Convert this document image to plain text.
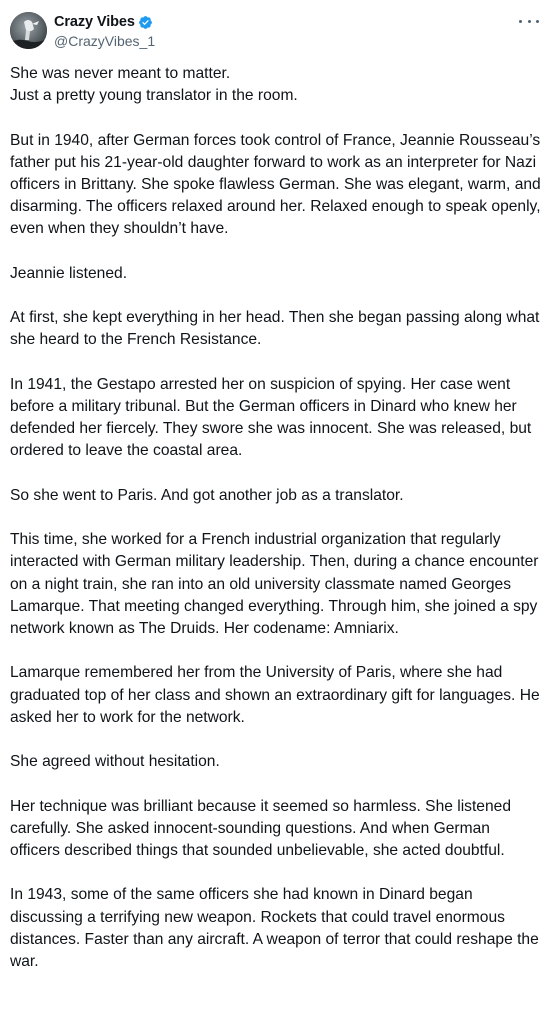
Crazy Vibes
@CrazyVibes_1

She was never meant to matter.
Just a pretty young translator in the room.

But in 1940, after German forces took control of France, Jeannie Rousseau’s father put his 21-year-old daughter forward to work as an interpreter for Nazi officers in Brittany. She spoke flawless German. She was elegant, warm, and disarming. The officers relaxed around her. Relaxed enough to speak openly, even when they shouldn’t have.

Jeannie listened.

At first, she kept everything in her head. Then she began passing along what she heard to the French Resistance.

In 1941, the Gestapo arrested her on suspicion of spying. Her case went before a military tribunal. But the German officers in Dinard who knew her defended her fiercely. They swore she was innocent. She was released, but ordered to leave the coastal area.

So she went to Paris. And got another job as a translator.

This time, she worked for a French industrial organization that regularly interacted with German military leadership. Then, during a chance encounter on a night train, she ran into an old university classmate named Georges Lamarque. That meeting changed everything. Through him, she joined a spy network known as The Druids. Her codename: Amniarix.

Lamarque remembered her from the University of Paris, where she had graduated top of her class and shown an extraordinary gift for languages. He asked her to work for the network.

She agreed without hesitation.

Her technique was brilliant because it seemed so harmless. She listened carefully. She asked innocent-sounding questions. And when German officers described things that sounded unbelievable, she acted doubtful.

In 1943, some of the same officers she had known in Dinard began discussing a terrifying new weapon. Rockets that could travel enormous distances. Faster than any aircraft. A weapon of terror that could reshape the war.
